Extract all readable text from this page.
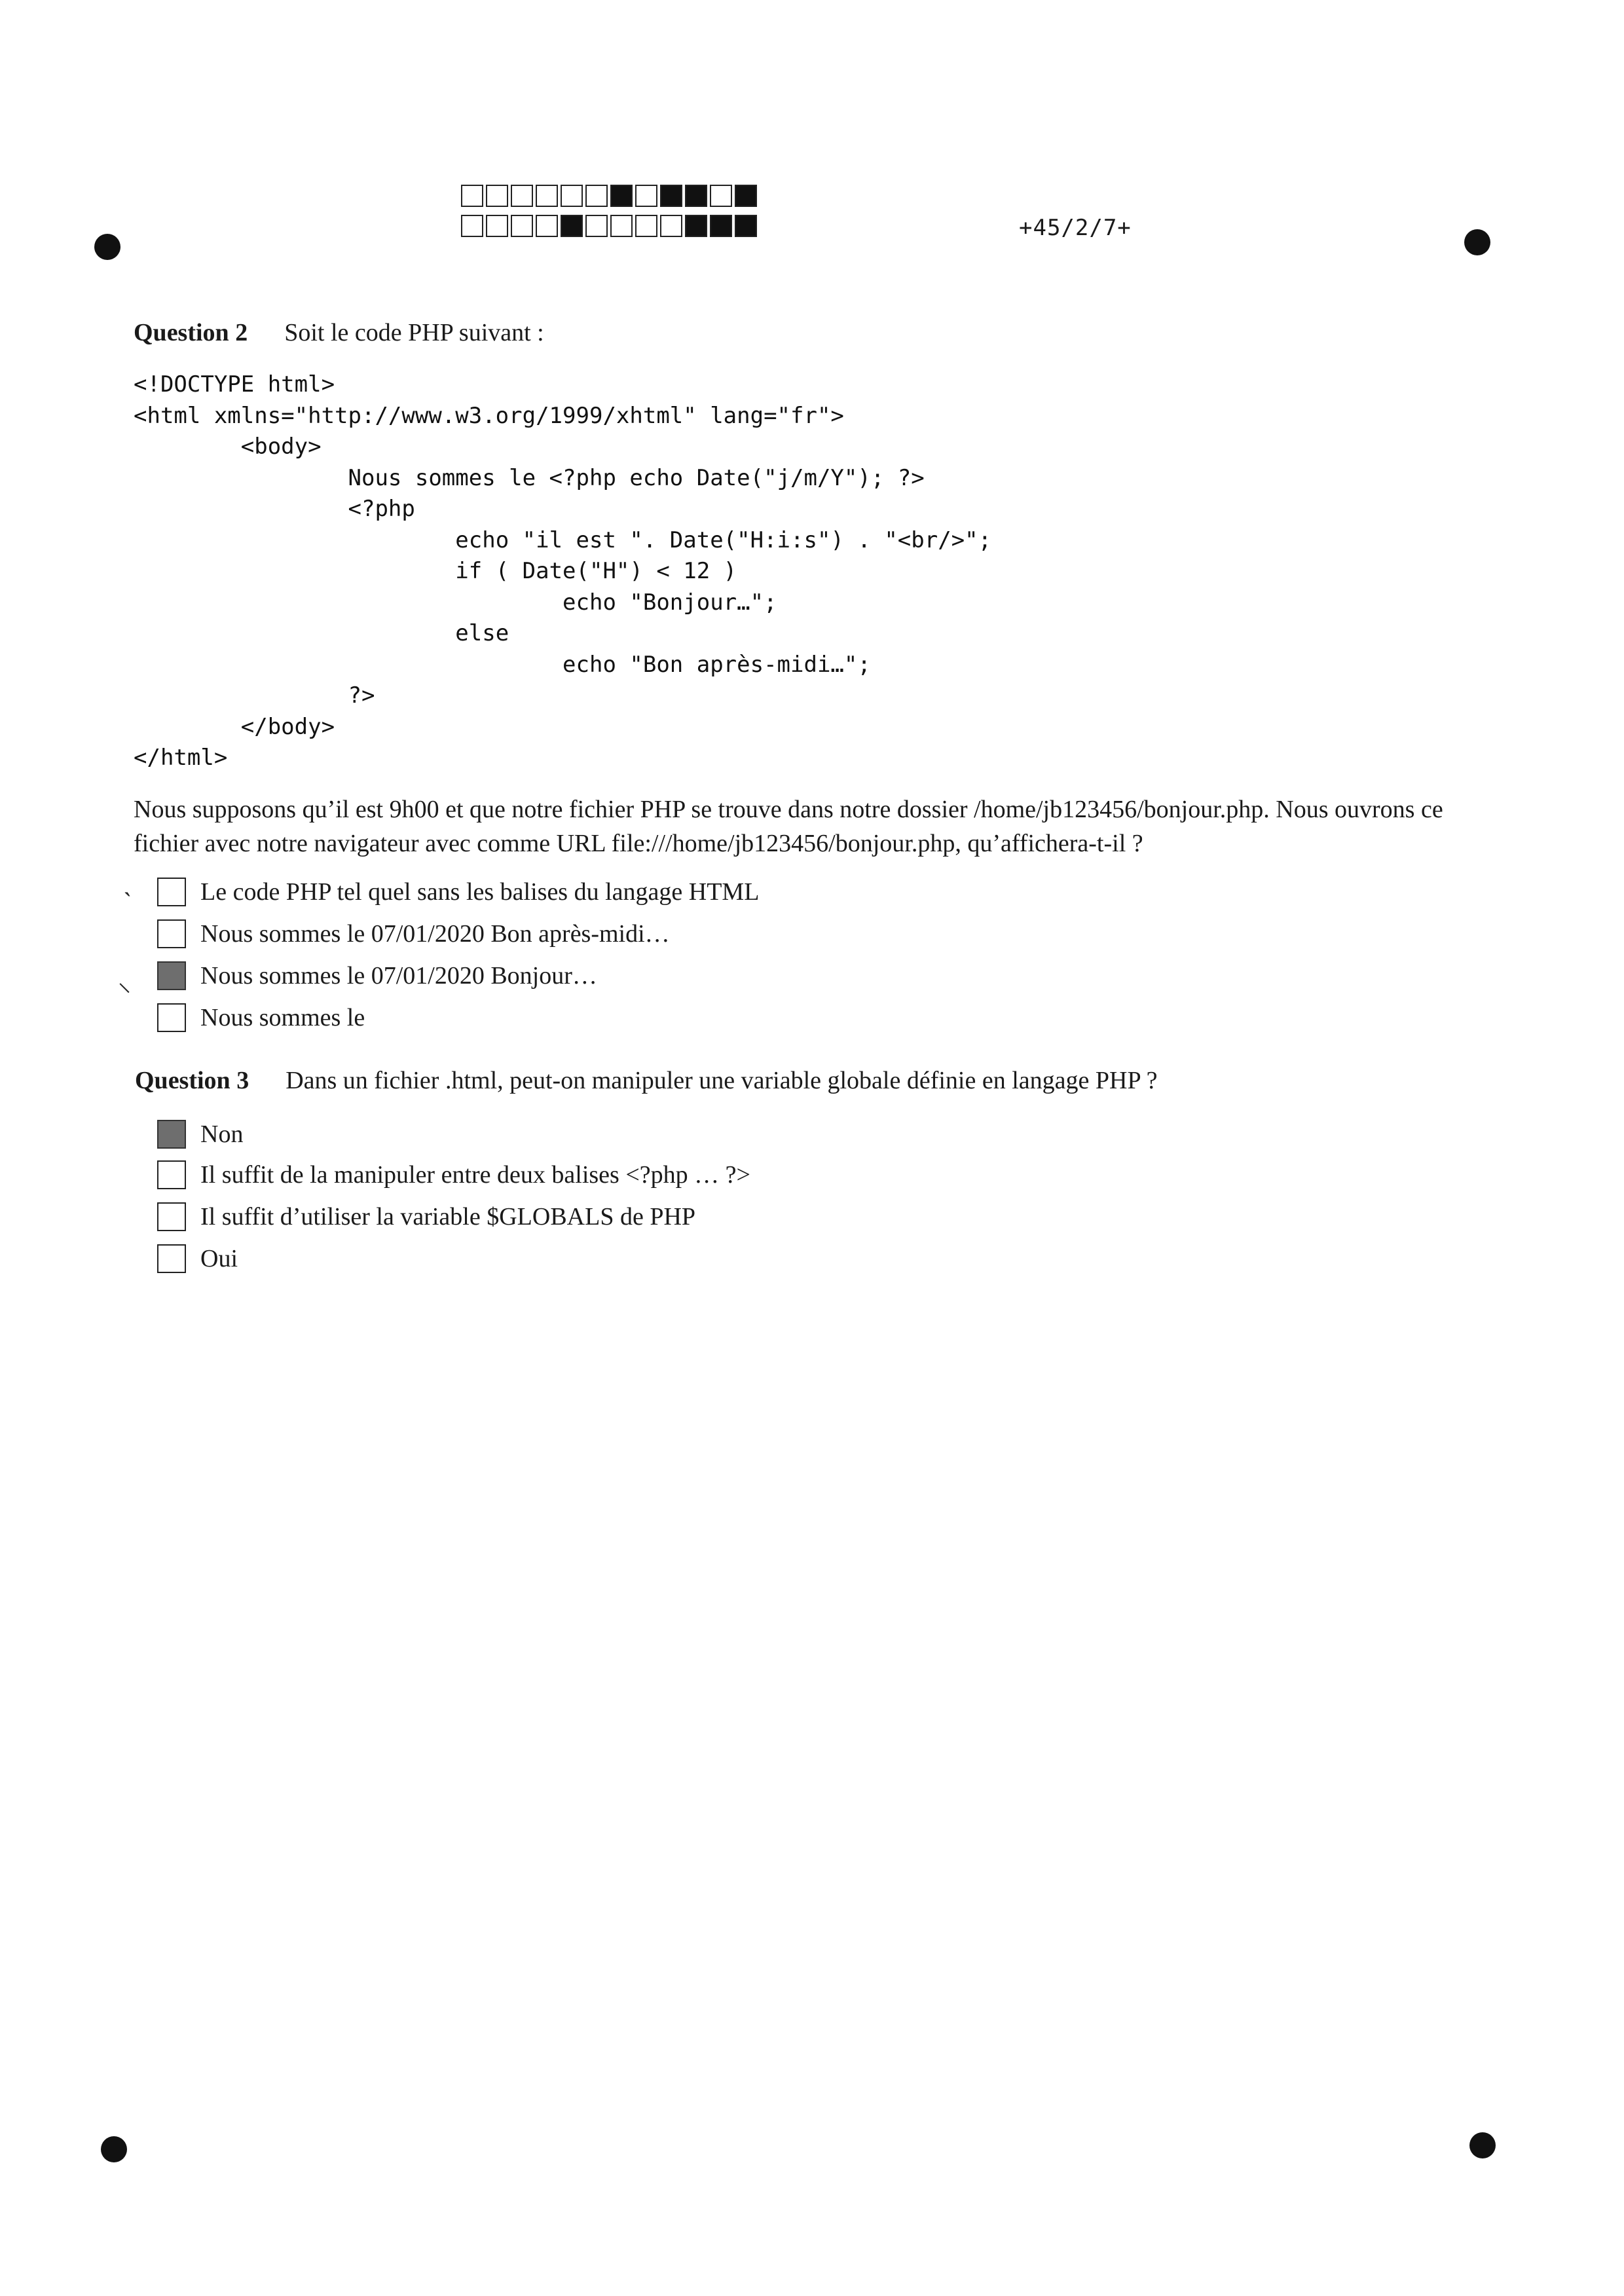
+45/2/7+
Question 2 Soit le code PHP suivant :
<!DOCTYPE html>
<html xmlns="http://www.w3.org/1999/xhtml" lang="fr">
	<body>
		Nous sommes le <?php echo Date("j/m/Y"); ?>
		<?php
			echo "il est ". Date("H:i:s") . "<br/>";
			if ( Date("H") < 12 )
				echo "Bonjour…";
			else
				echo "Bon après-midi…";
		?>
	</body>
</html>
Nous supposons qu’il est 9h00 et que notre fichier PHP se trouve dans notre dossier /home/jb123456/bonjour.php. Nous ouvrons ce fichier avec notre navigateur avec comme URL file:///home/jb123456/bonjour.php, qu’affichera-t-il ?
˴
⸜
Le code PHP tel quel sans les balises du langage HTML
Nous sommes le 07/01/2020 Bon après-midi…
Nous sommes le 07/01/2020 Bonjour…
Nous sommes le
Question 3 Dans un fichier .html, peut-on manipuler une variable globale définie en langage PHP ?
Non
Il suffit de la manipuler entre deux balises <?php … ?>
Il suffit d’utiliser la variable $GLOBALS de PHP
Oui
